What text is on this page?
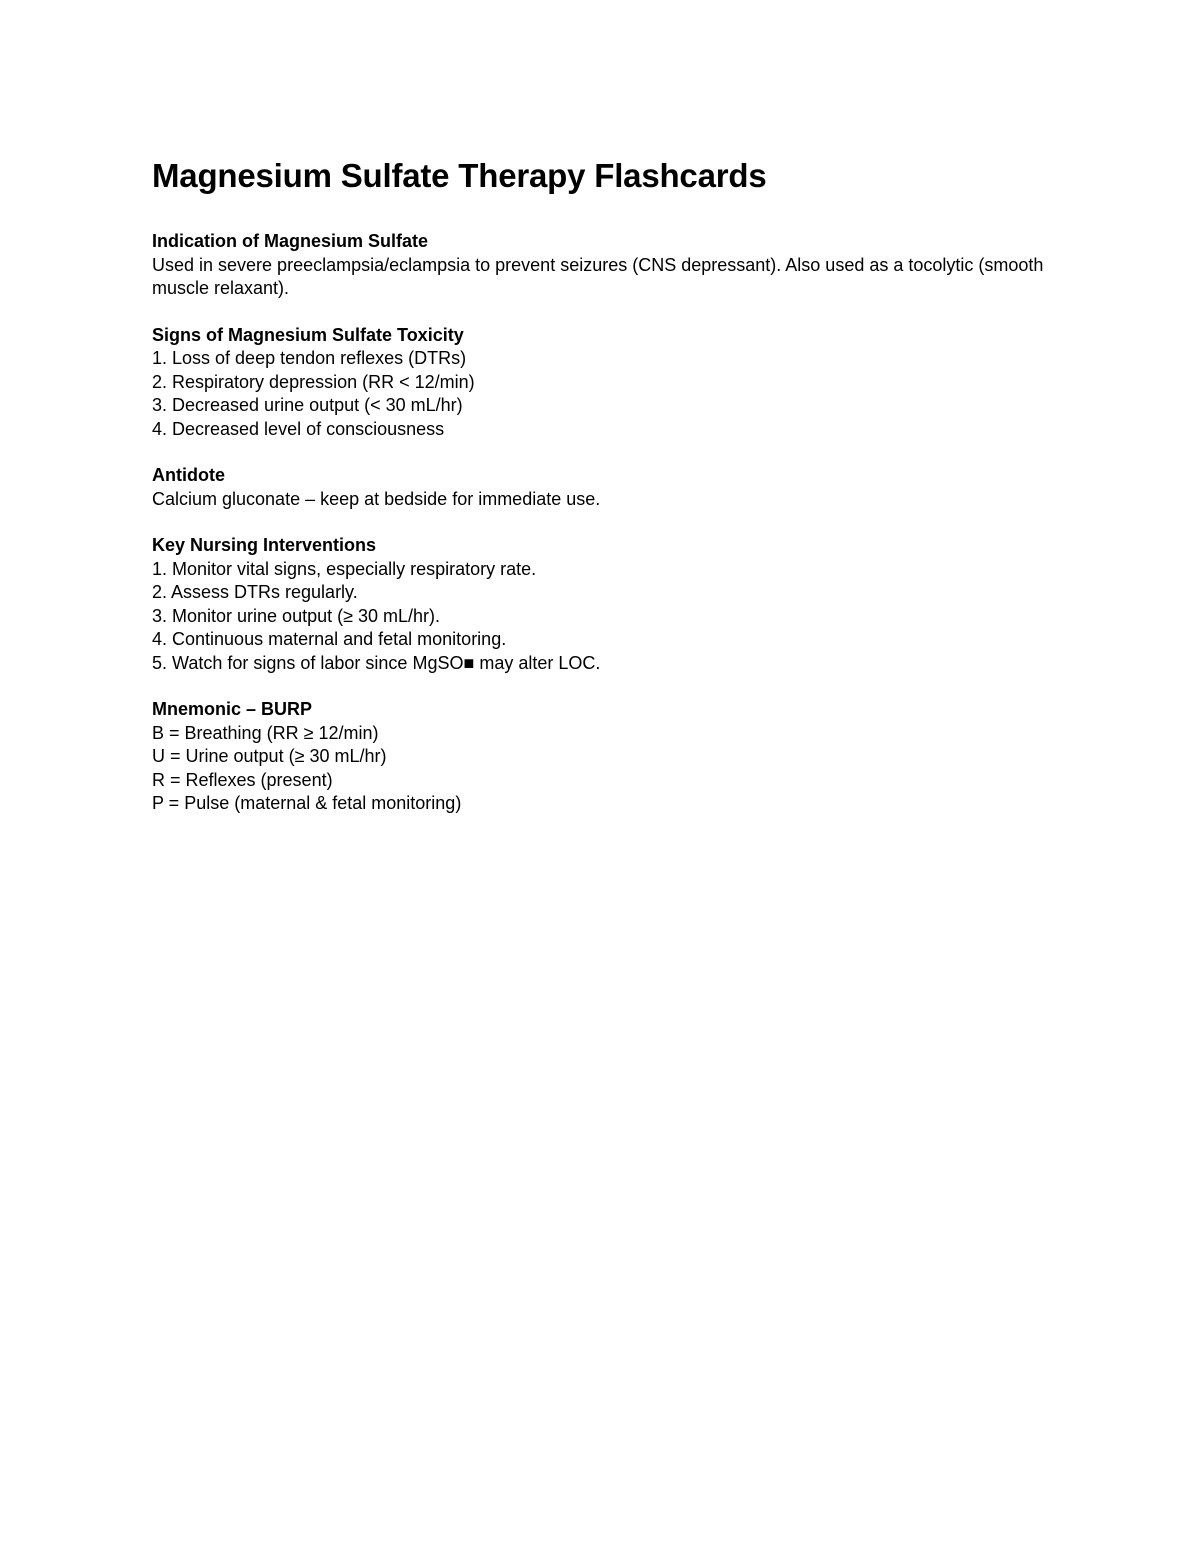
Magnesium Sulfate Therapy Flashcards
Indication of Magnesium Sulfate
Used in severe preeclampsia/eclampsia to prevent seizures (CNS depressant). Also used as a tocolytic (smooth muscle relaxant).
Signs of Magnesium Sulfate Toxicity
1. Loss of deep tendon reflexes (DTRs)
2. Respiratory depression (RR < 12/min)
3. Decreased urine output (< 30 mL/hr)
4. Decreased level of consciousness
Antidote
Calcium gluconate – keep at bedside for immediate use.
Key Nursing Interventions
1. Monitor vital signs, especially respiratory rate.
2. Assess DTRs regularly.
3. Monitor urine output (≥ 30 mL/hr).
4. Continuous maternal and fetal monitoring.
5. Watch for signs of labor since MgSO■ may alter LOC.
Mnemonic – BURP
B = Breathing (RR ≥ 12/min)
U = Urine output (≥ 30 mL/hr)
R = Reflexes (present)
P = Pulse (maternal & fetal monitoring)
